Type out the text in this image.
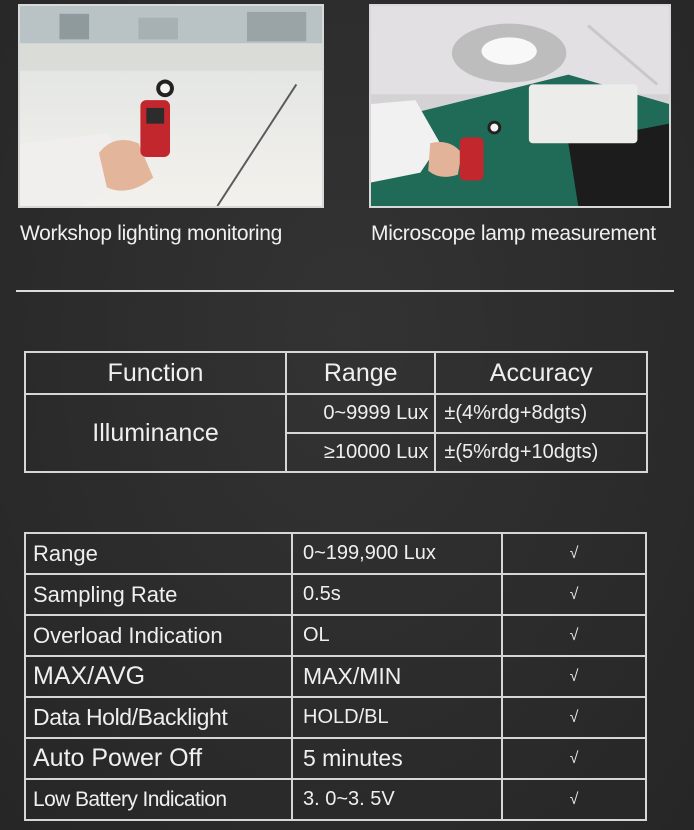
Workshop lighting monitoring	Microscope lamp measurement
Function	Range	Accuracy
Illuminance	0~9999 Lux	±(4%rdg+8dgts)
	≥10000 Lux	±(5%rdg+10dgts)
Range	0~199,900 Lux	√
Sampling Rate	0.5s	√
Overload Indication	OL	√
MAX/AVG	MAX/MIN	√
Data Hold/Backlight	HOLD/BL	√
Auto Power Off	5 minutes	√
Low Battery Indication	3. 0~3. 5V	√
